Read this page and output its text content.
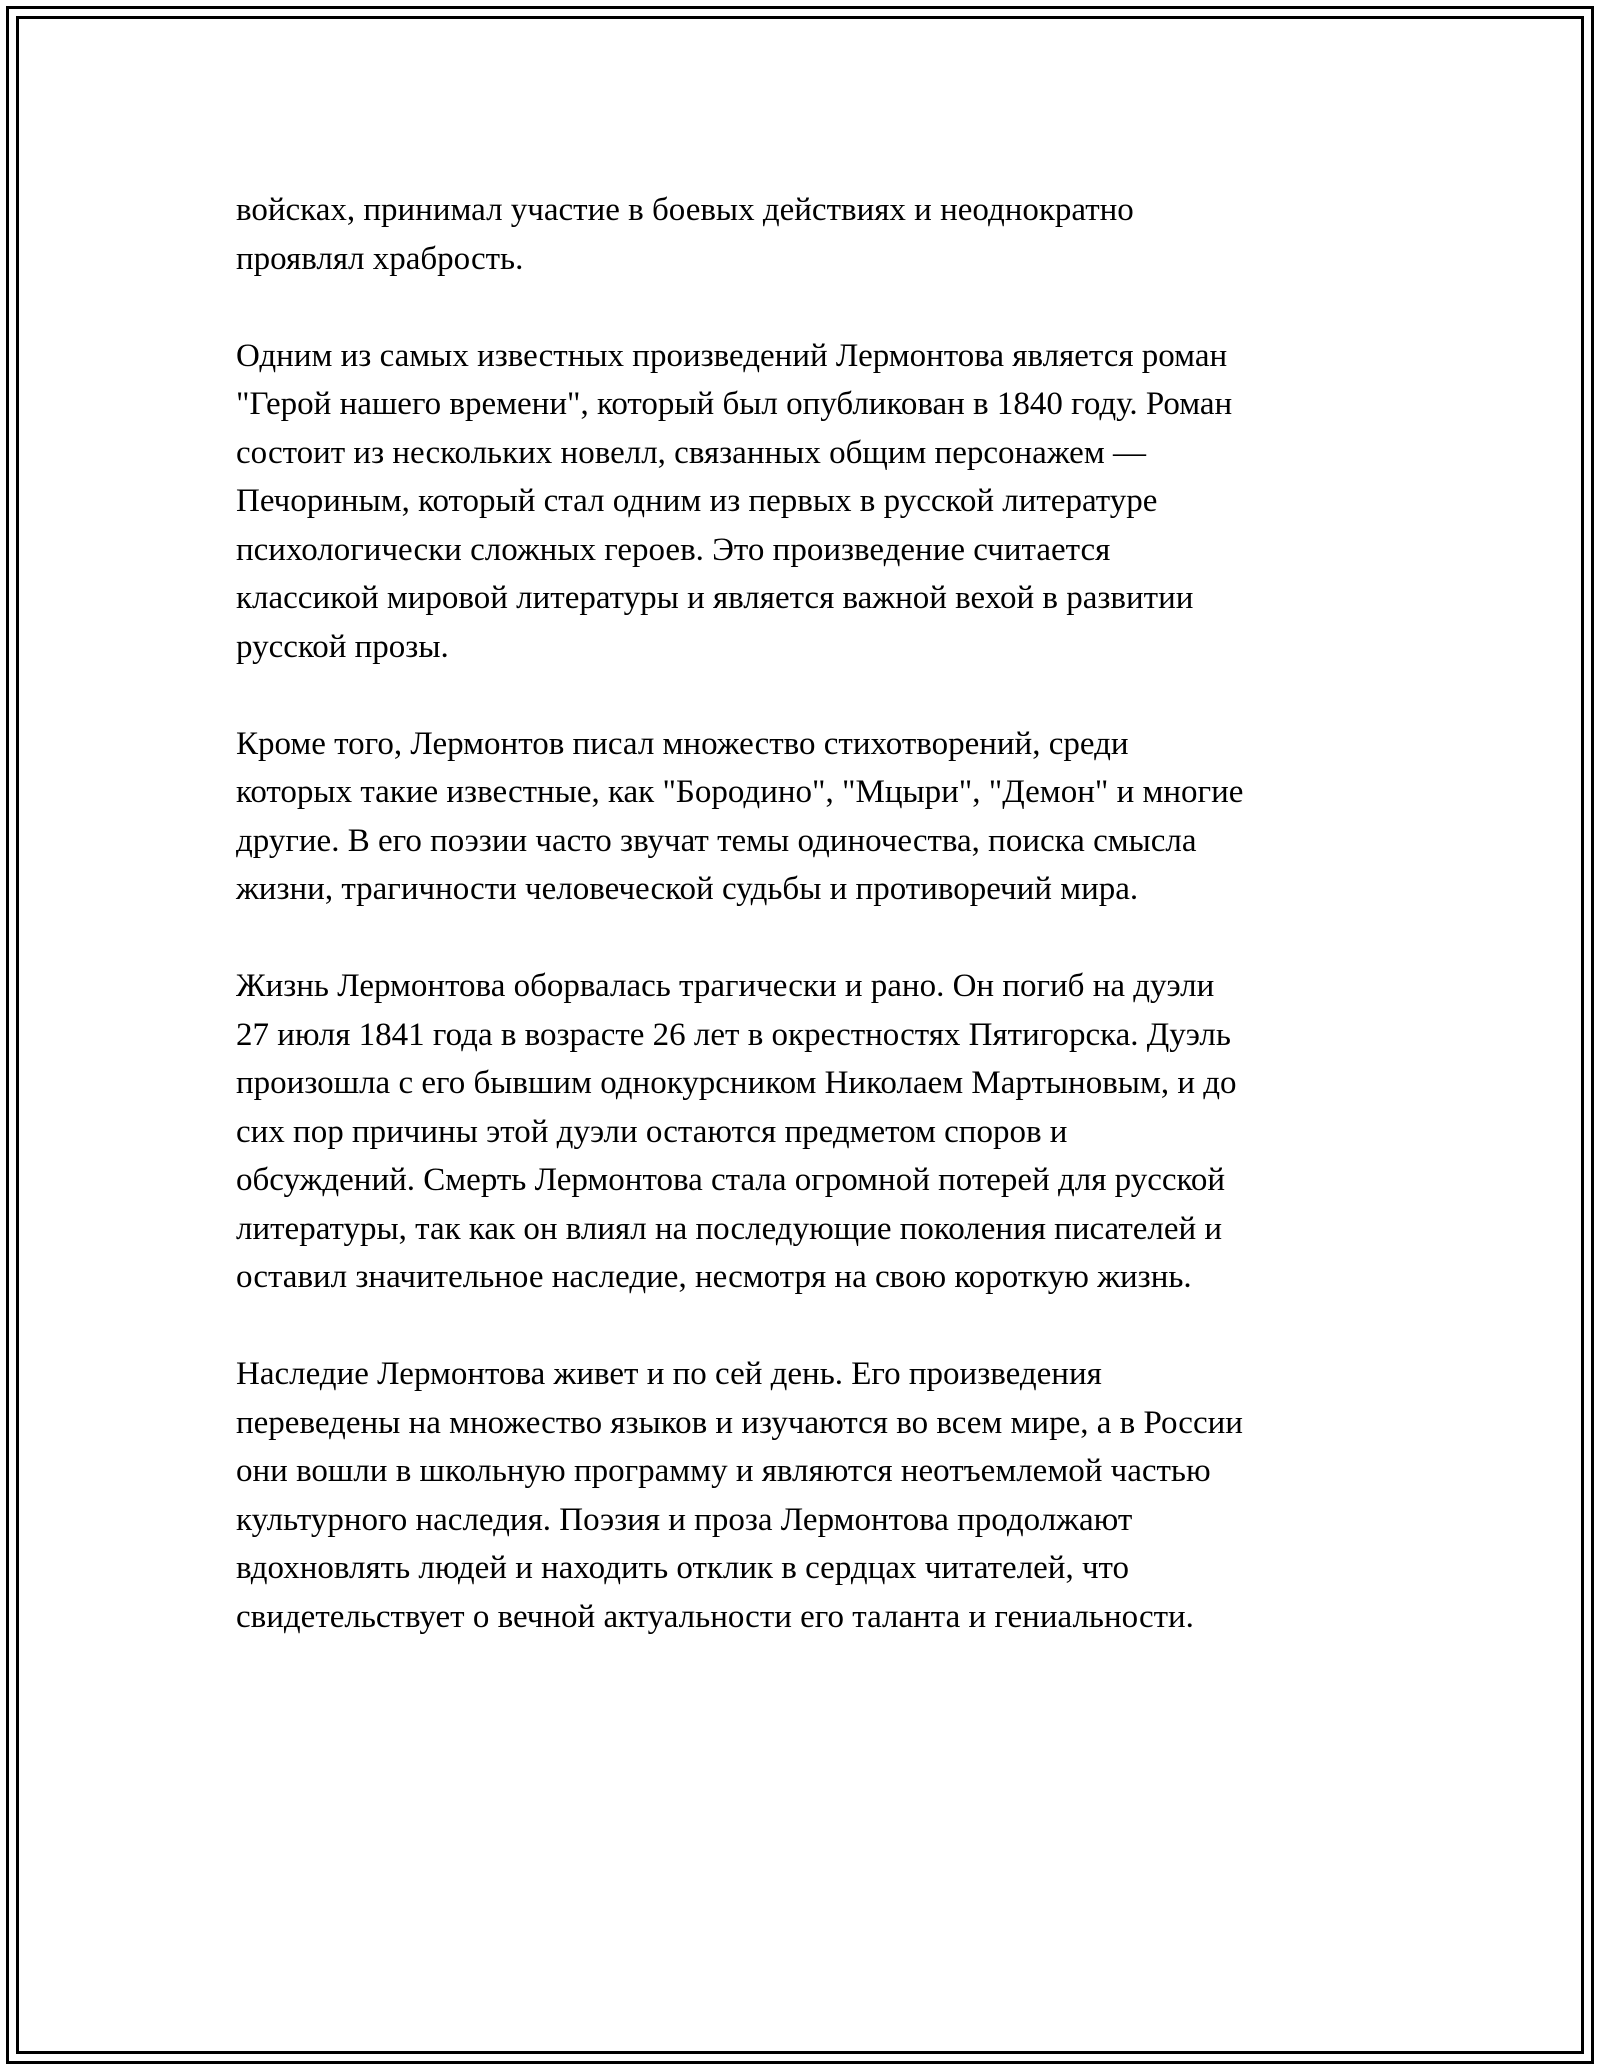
войсках, принимал участие в боевых действиях и неоднократно
проявлял храбрость.

Одним из самых известных произведений Лермонтова является роман
"Герой нашего времени", который был опубликован в 1840 году. Роман
состоит из нескольких новелл, связанных общим персонажем —
Печориным, который стал одним из первых в русской литературе
психологически сложных героев. Это произведение считается
классикой мировой литературы и является важной вехой в развитии
русской прозы.

Кроме того, Лермонтов писал множество стихотворений, среди
которых такие известные, как "Бородино", "Мцыри", "Демон" и многие
другие. В его поэзии часто звучат темы одиночества, поиска смысла
жизни, трагичности человеческой судьбы и противоречий мира.

Жизнь Лермонтова оборвалась трагически и рано. Он погиб на дуэли
27 июля 1841 года в возрасте 26 лет в окрестностях Пятигорска. Дуэль
произошла с его бывшим однокурсником Николаем Мартыновым, и до
сих пор причины этой дуэли остаются предметом споров и
обсуждений. Смерть Лермонтова стала огромной потерей для русской
литературы, так как он влиял на последующие поколения писателей и
оставил значительное наследие, несмотря на свою короткую жизнь.

Наследие Лермонтова живет и по сей день. Его произведения
переведены на множество языков и изучаются во всем мире, а в России
они вошли в школьную программу и являются неотъемлемой частью
культурного наследия. Поэзия и проза Лермонтова продолжают
вдохновлять людей и находить отклик в сердцах читателей, что
свидетельствует о вечной актуальности его таланта и гениальности.
